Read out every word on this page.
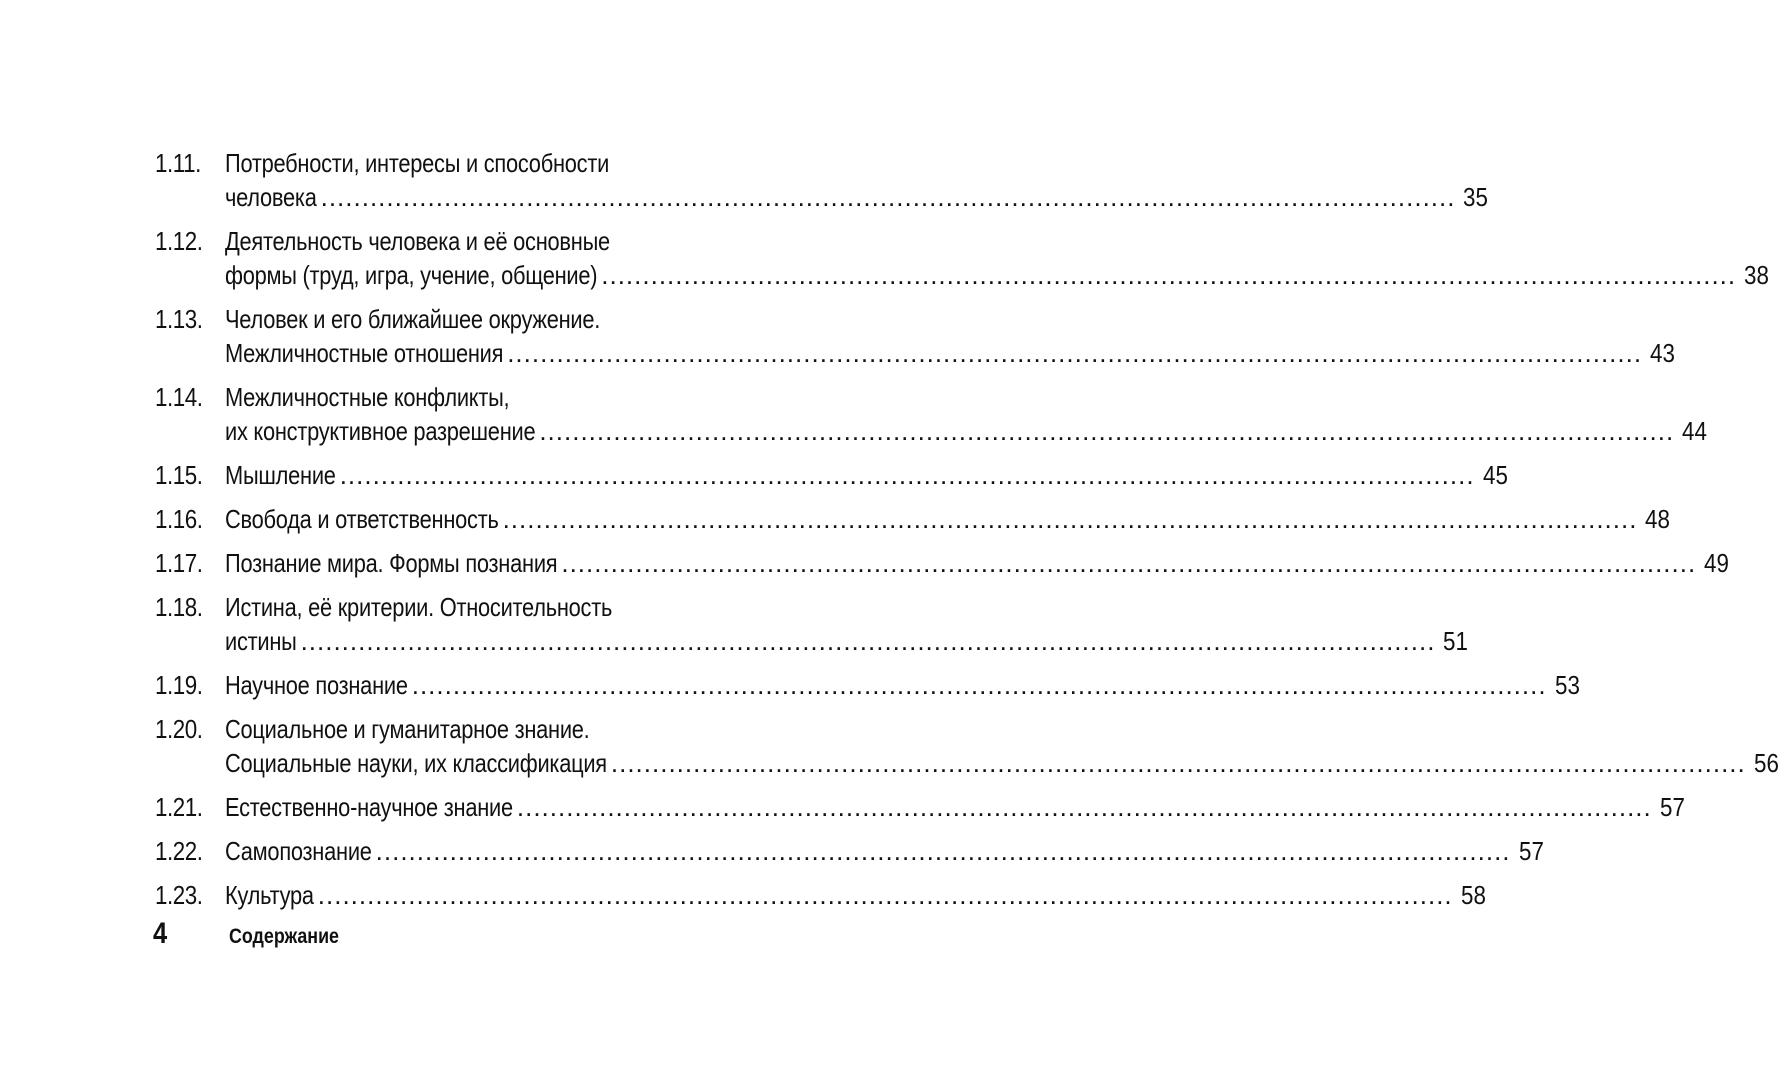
1.11. Потребности, интересы и способности
человека .....	35
1.12. Деятельность человека и её основные
формы (труд, игра, учение, общение) .....	38
1.13. Человек и его ближайшее окружение.
Межличностные отношения .....	43
1.14. Межличностные конфликты,
их конструктивное разрешение .....	44
1.15. Мышление .....	45
1.16. Свобода и ответственность .....	48
1.17. Познание мира. Формы познания .....	49
1.18. Истина, её критерии. Относительность
истины .....	51
1.19. Научное познание .....	53
1.20. Социальное и гуманитарное знание.
Социальные науки, их классификация .....	56
1.21. Естественно-научное знание .....	57
1.22. Самопознание .....	57
1.23. Культура .....	58
4	Содержание
